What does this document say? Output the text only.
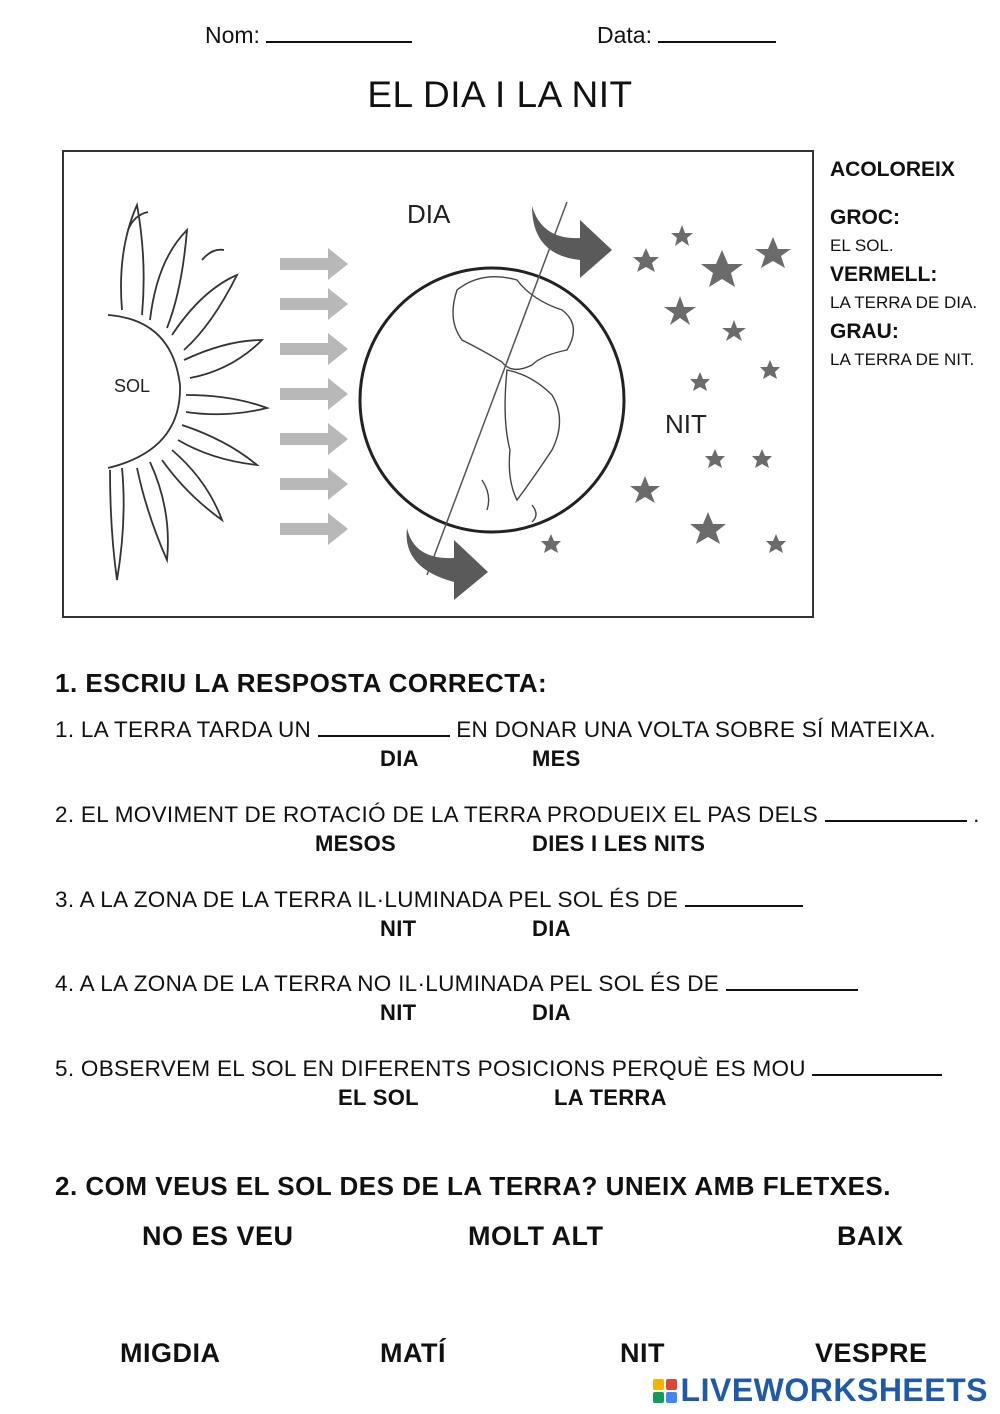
Nom:	Data:
EL DIA I LA NIT
SOL
DIA
NIT
ACOLOREIX
GROC:
EL SOL.
VERMELL:
LA TERRA DE DIA.
GRAU:
LA TERRA DE NIT.
1. ESCRIU LA RESPOSTA CORRECTA:
1. LA TERRA TARDA UN	EN DONAR UNA VOLTA SOBRE SÍ MATEIXA.
DIA	MES
2. EL MOVIMENT DE ROTACIÓ DE LA TERRA PRODUEIX EL PAS DELS	.
MESOS	DIES I LES NITS
3. A LA ZONA DE LA TERRA IL·LUMINADA PEL SOL ÉS DE
NIT	DIA
4. A LA ZONA DE LA TERRA NO IL·LUMINADA PEL SOL ÉS DE
NIT	DIA
5. OBSERVEM EL SOL EN DIFERENTS POSICIONS PERQUÈ ES MOU
EL SOL	LA TERRA
2. COM VEUS EL SOL DES DE LA TERRA? UNEIX AMB FLETXES.
NO ES VEU	MOLT ALT	BAIX
MIGDIA	MATÍ	NIT	VESPRE
LIVEWORKSHEETS
